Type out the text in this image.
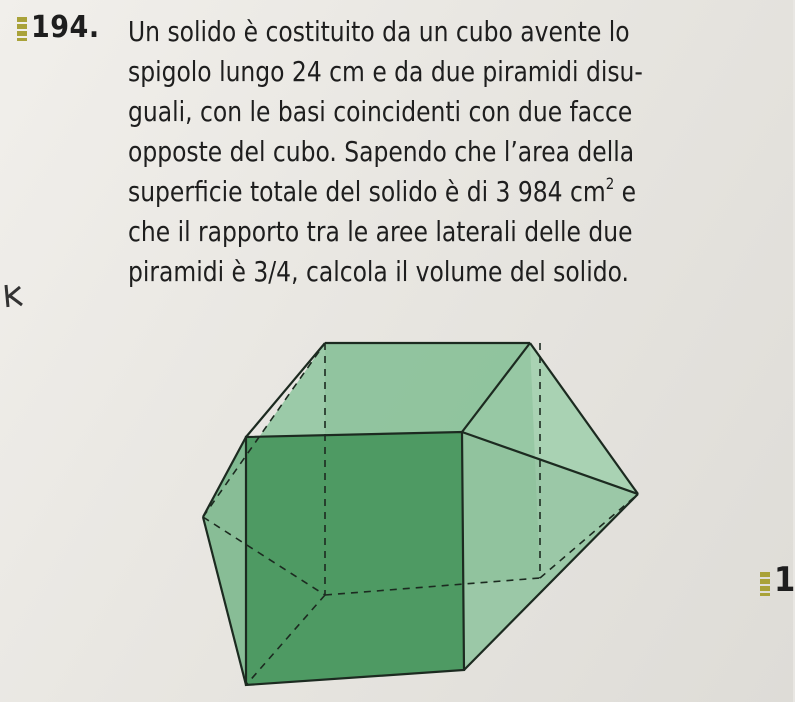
194. Un solido è costituito da un cubo avente lo
spigolo lungo 24 cm e da due piramidi disu-
guali, con le basi coincidenti con due facce
opposte del cubo. Sapendo che l’area della
superficie totale del solido è di 3 984 $cm^2$ e
che il rapporto tra le aree laterali delle due
piramidi è 3/4, calcola il volume del solido.
1
